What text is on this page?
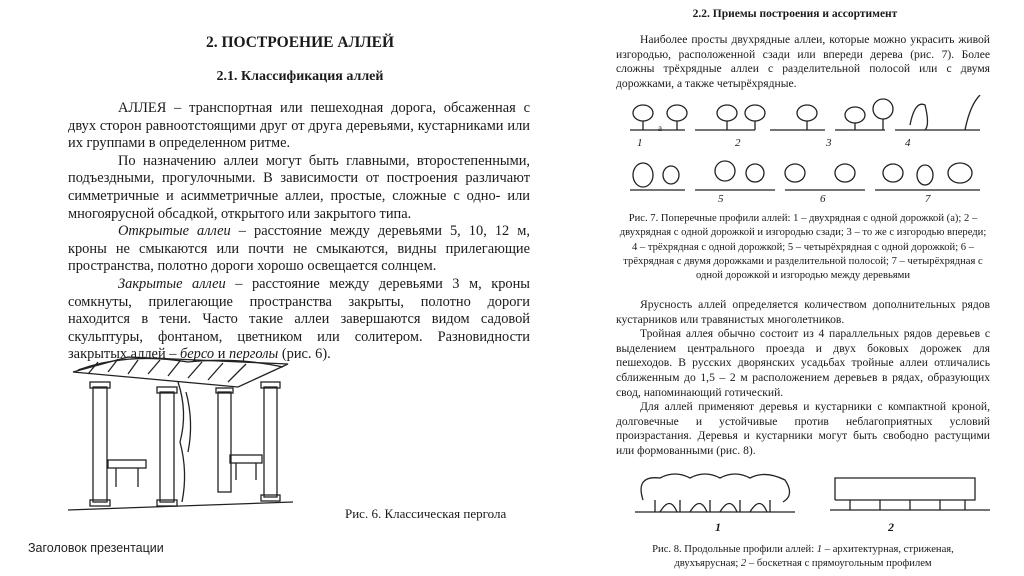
2. ПОСТРОЕНИЕ АЛЛЕЙ
2.1. Классификация аллей

АЛЛЕЯ – транспортная или пешеходная дорога, обсаженная с двух сторон равноотстоящими друг от друга деревьями, кустарниками или их группами в определенном ритме.

По назначению аллеи могут быть главными, второстепенными, подъездными, прогулочными. В зависимости от построения различают симметричные и асимметричные аллеи, простые, сложные с одно- или многоярусной обсадкой, открытого или закрытого типа.

Открытые аллеи – расстояние между деревьями 5, 10, 12 м, кроны не смыкаются или почти не смыкаются, видны прилегающие пространства, полотно дороги хорошо освещается солнцем.

Закрытые аллеи – расстояние между деревьями 3 м, кроны сомкнуты, прилегающие пространства закрыты, полотно дороги находится в тени. Часто такие аллеи завершаются видом садовой скульптуры, фонтаном, цветником или солитером. Разновидности закрытых аллей – берсо и перголы (рис. 6).

Рис. 6. Классическая пергола
Заголовок презентации
2.2. Приемы построения и ассортимент

Наиболее просты двухрядные аллеи, которые можно украсить живой изгородью, расположенной сзади или впереди дерева (рис. 7). Более сложны трёхрядные аллеи с разделительной полосой или с двумя дорожками, а также четырёхрядные.

1	2	3	4
5	6	7
а
Рис. 7. Поперечные профили аллей: 1 – двухрядная с одной дорожкой (а); 2 – двухрядная с одной дорожкой и изгородью сзади; 3 – то же с изгородью впереди; 4 – трёхрядная с одной дорожкой; 5 – четырёхрядная с одной дорожкой; 6 – трёхрядная с двумя дорожками и разделительной полосой; 7 – четырёхрядная с одной дорожкой и изгородью между деревьями

Ярусность аллей определяется количеством дополнительных рядов кустарников или травянистых многолетников.

Тройная аллея обычно состоит из 4 параллельных рядов деревьев с выделением центрального проезда и двух боковых дорожек для пешеходов. В русских дворянских усадьбах тройные аллеи отличались сближенным до 1,5 – 2 м расположением деревьев в рядах, образующих свод, напоминающий готический.

Для аллей применяют деревья и кустарники с компактной кроной, долговечные и устойчивые против неблагоприятных условий произрастания. Деревья и кустарники могут быть свободно растущими или формованными (рис. 8).

1	2
Рис. 8. Продольные профили аллей: 1 – архитектурная, стриженая, двухъярусная; 2 – боскетная с прямоугольным профилем
